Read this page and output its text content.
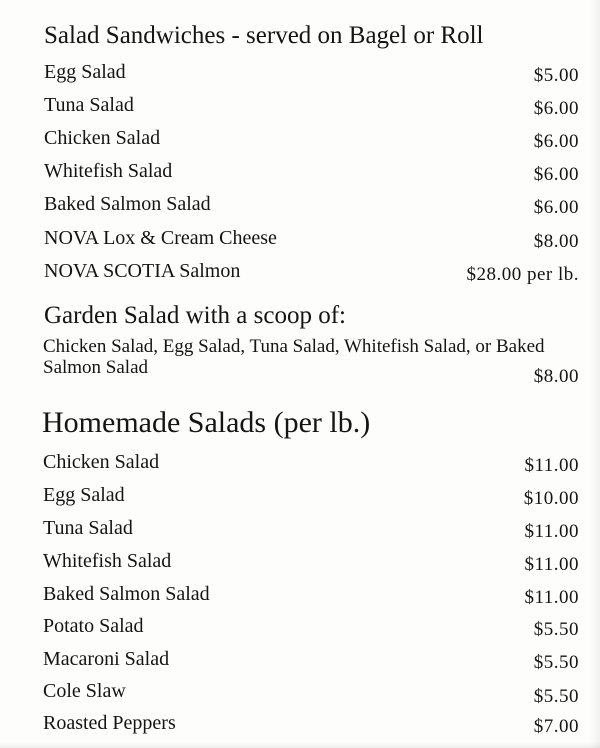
Salad Sandwiches - served on Bagel or Roll
Egg Salad	$5.00
Tuna Salad	$6.00
Chicken Salad	$6.00
Whitefish Salad	$6.00
Baked Salmon Salad	$6.00
NOVA Lox & Cream Cheese	$8.00
NOVA SCOTIA Salmon	$28.00 per lb.
Garden Salad with a scoop of:
Chicken Salad, Egg Salad, Tuna Salad, Whitefish Salad, or Baked Salmon Salad	$8.00
Homemade Salads (per lb.)
Chicken Salad	$11.00
Egg Salad	$10.00
Tuna Salad	$11.00
Whitefish Salad	$11.00
Baked Salmon Salad	$11.00
Potato Salad	$5.50
Macaroni Salad	$5.50
Cole Slaw	$5.50
Roasted Peppers	$7.00
